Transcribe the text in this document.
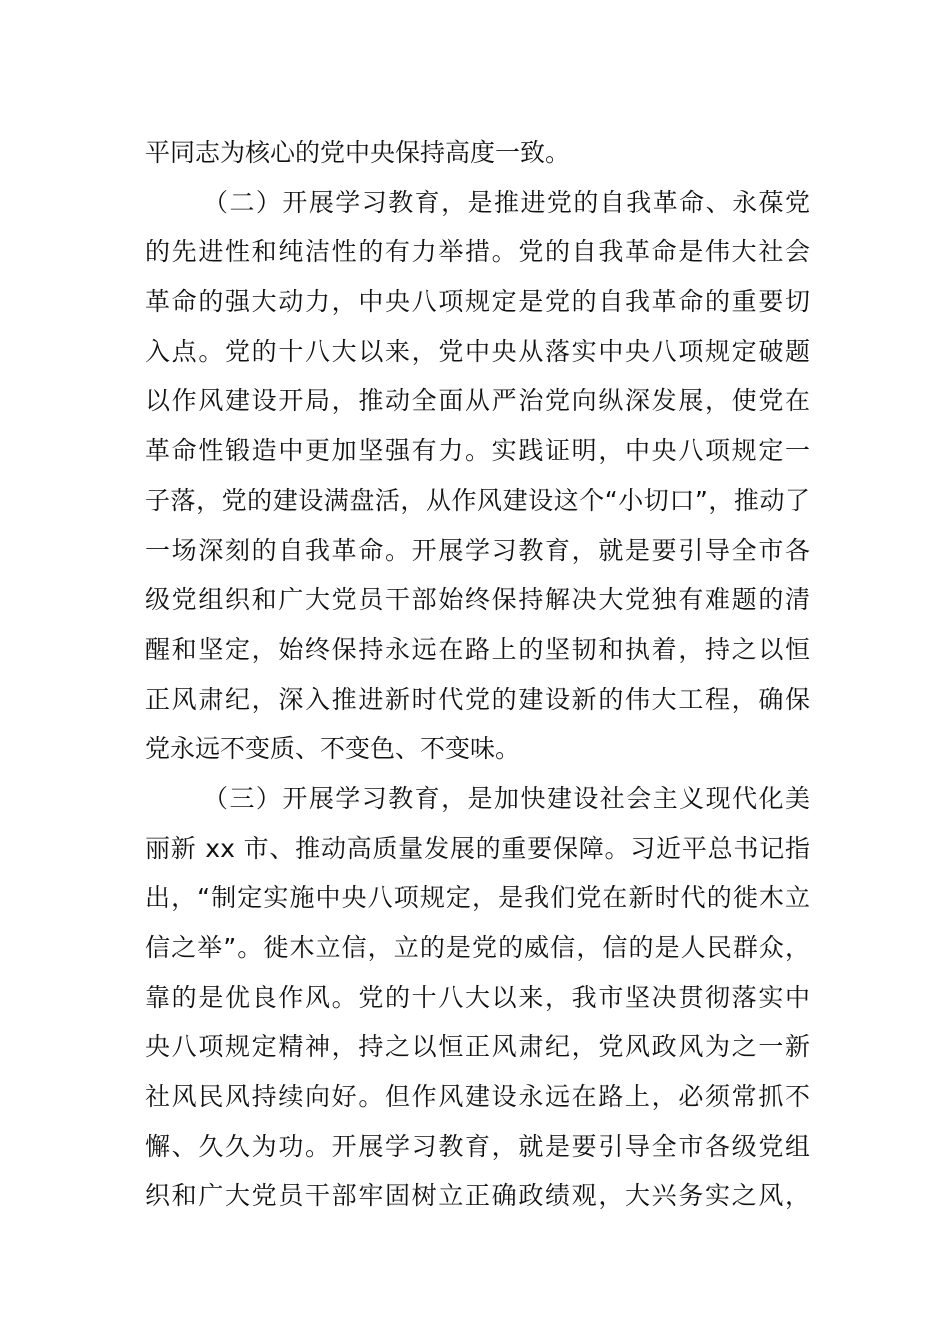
平同志为核心的党中央保持高度一致。
（二）开展学习教育，是推进党的自我革命、永葆党
的先进性和纯洁性的有力举措。党的自我革命是伟大社会
革命的强大动力，中央八项规定是党的自我革命的重要切
入点。党的十八大以来，党中央从落实中央八项规定破题
以作风建设开局，推动全面从严治党向纵深发展，使党在
革命性锻造中更加坚强有力。实践证明，中央八项规定一
子落，党的建设满盘活，从作风建设这个“小切口”，推动了
一场深刻的自我革命。开展学习教育，就是要引导全市各
级党组织和广大党员干部始终保持解决大党独有难题的清
醒和坚定，始终保持永远在路上的坚韧和执着，持之以恒
正风肃纪，深入推进新时代党的建设新的伟大工程，确保
党永远不变质、不变色、不变味。
（三）开展学习教育，是加快建设社会主义现代化美
丽新 xx 市、推动高质量发展的重要保障。习近平总书记指
出，“制定实施中央八项规定，是我们党在新时代的徙木立
信之举”。徙木立信，立的是党的威信，信的是人民群众，
靠的是优良作风。党的十八大以来，我市坚决贯彻落实中
央八项规定精神，持之以恒正风肃纪，党风政风为之一新
社风民风持续向好。但作风建设永远在路上，必须常抓不
懈、久久为功。开展学习教育，就是要引导全市各级党组
织和广大党员干部牢固树立正确政绩观，大兴务实之风，
